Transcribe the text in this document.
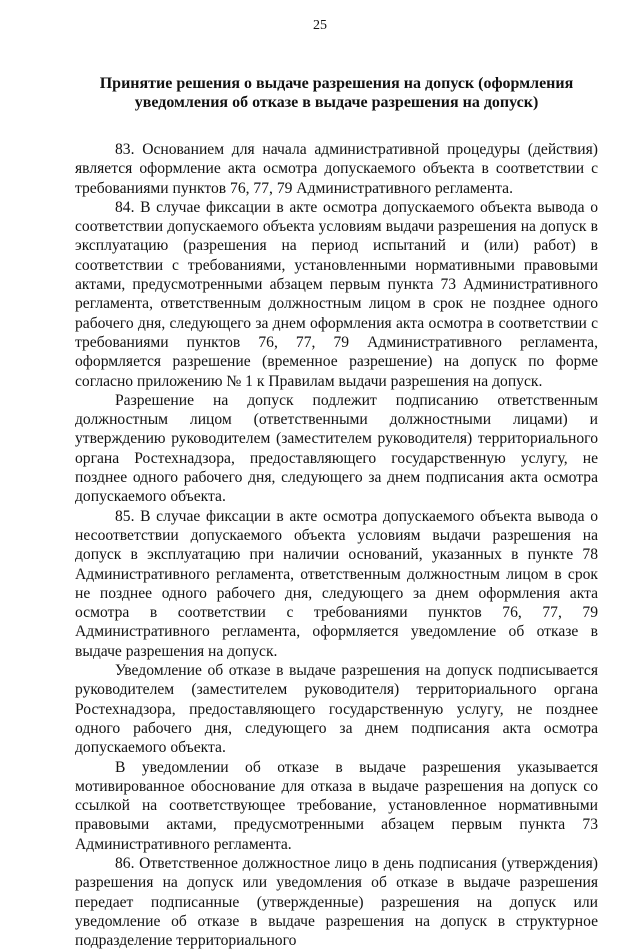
25
Принятие решения о выдаче разрешения на допуск (оформления
уведомления об отказе в выдаче разрешения на допуск)

83. Основанием для начала административной процедуры (действия) является оформление акта осмотра допускаемого объекта в соответствии с требованиями пунктов 76, 77, 79 Административного регламента.

84. В случае фиксации в акте осмотра допускаемого объекта вывода о соответствии допускаемого объекта условиям выдачи разрешения на допуск в эксплуатацию (разрешения на период испытаний и (или) работ) в соответствии с требованиями, установленными нормативными правовыми актами, предусмотренными абзацем первым пункта 73 Административного регламента, ответственным должностным лицом в срок не позднее одного рабочего дня, следующего за днем оформления акта осмотра в соответствии с требованиями пунктов 76, 77, 79 Административного регламента, оформляется разрешение (временное разрешение) на допуск по форме согласно приложению № 1 к Правилам выдачи разрешения на допуск.

Разрешение на допуск подлежит подписанию ответственным должностным лицом (ответственными должностными лицами) и утверждению руководителем (заместителем руководителя) территориального органа Ростехнадзора, предоставляющего государственную услугу, не позднее одного рабочего дня, следующего за днем подписания акта осмотра допускаемого объекта.

85. В случае фиксации в акте осмотра допускаемого объекта вывода о несоответствии допускаемого объекта условиям выдачи разрешения на допуск в эксплуатацию при наличии оснований, указанных в пункте 78 Административного регламента, ответственным должностным лицом в срок не позднее одного рабочего дня, следующего за днем оформления акта осмотра в соответствии с требованиями пунктов 76, 77, 79 Административного регламента, оформляется уведомление об отказе в выдаче разрешения на допуск.

Уведомление об отказе в выдаче разрешения на допуск подписывается руководителем (заместителем руководителя) территориального органа Ростехнадзора, предоставляющего государственную услугу, не позднее одного рабочего дня, следующего за днем подписания акта осмотра допускаемого объекта.

В уведомлении об отказе в выдаче разрешения указывается мотивированное обоснование для отказа в выдаче разрешения на допуск со ссылкой на соответствующее требование, установленное нормативными правовыми актами, предусмотренными абзацем первым пункта 73 Административного регламента.

86. Ответственное должностное лицо в день подписания (утверждения) разрешения на допуск или уведомления об отказе в выдаче разрешения передает подписанные (утвержденные) разрешения на допуск или уведомление об отказе в выдаче разрешения на допуск в структурное подразделение территориального
